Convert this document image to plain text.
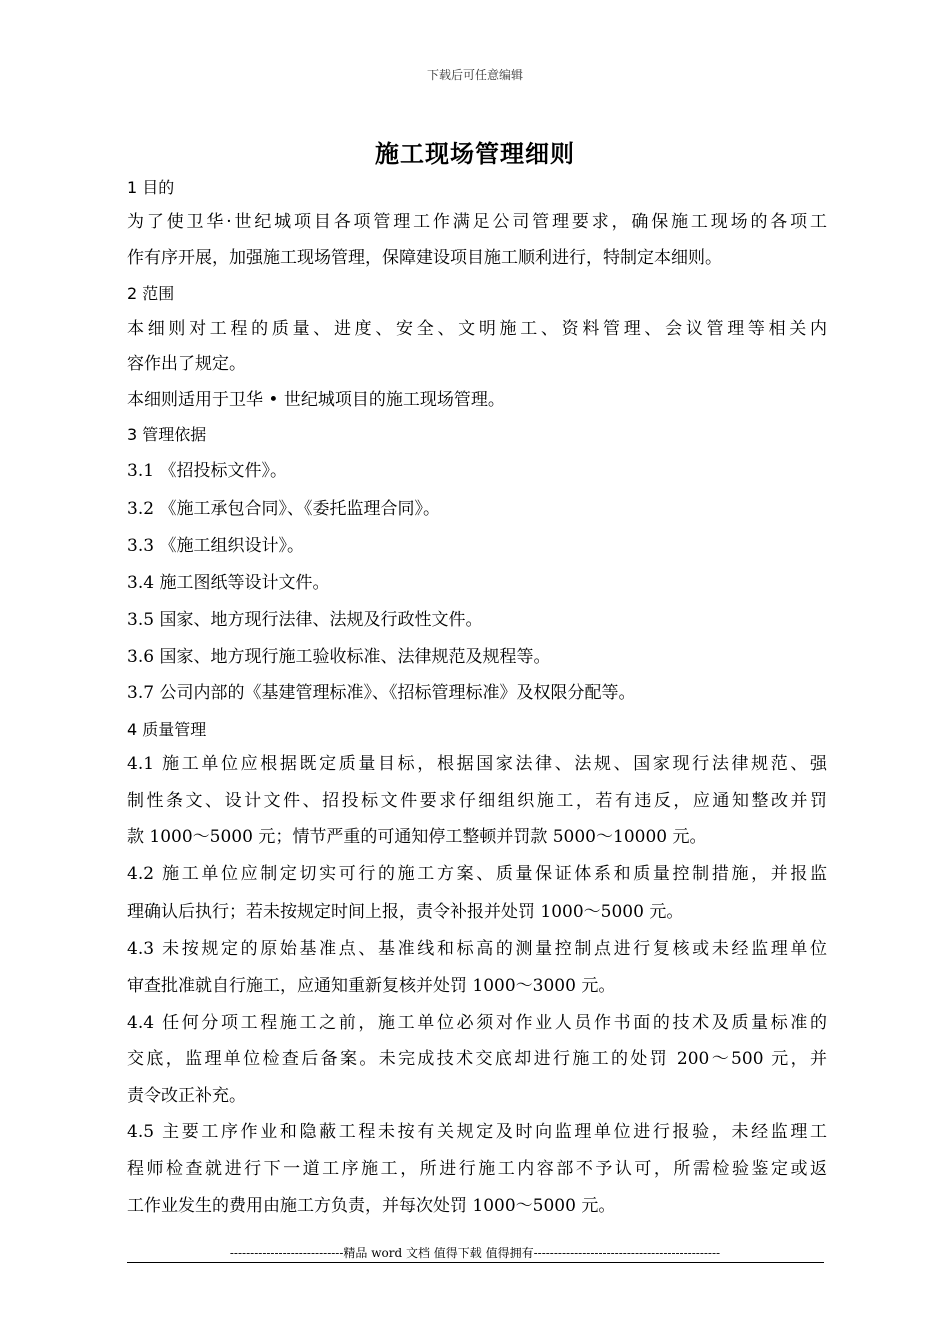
下载后可任意编辑
施工现场管理细则
1 目的
为了使卫华·世纪城项目各项管理工作满足公司管理要求，确保施工现场的各项工
作有序开展，加强施工现场管理，保障建设项目施工顺利进行，特制定本细则。
2 范围
本细则对工程的质量、进度、安全、文明施工、资料管理、会议管理等相关内
容作出了规定。
本细则适用于卫华 • 世纪城项目的施工现场管理。
3 管理依据
3.1 《招投标文件》。
3.2 《施工承包合同》、《委托监理合同》。
3.3 《施工组织设计》。
3.4 施工图纸等设计文件。
3.5 国家、地方现行法律、法规及行政性文件。
3.6 国家、地方现行施工验收标准、法律规范及规程等。
3.7 公司内部的《基建管理标准》、《招标管理标准》及权限分配等。
4 质量管理
4.1 施工单位应根据既定质量目标，根据国家法律、法规、国家现行法律规范、强
制性条文、设计文件、招投标文件要求仔细组织施工，若有违反，应通知整改并罚
款 1000～5000 元；情节严重的可通知停工整顿并罚款 5000～10000 元。
4.2 施工单位应制定切实可行的施工方案、质量保证体系和质量控制措施，并报监
理确认后执行；若未按规定时间上报，责令补报并处罚 1000～5000 元。
4.3 未按规定的原始基准点、基准线和标高的测量控制点进行复核或未经监理单位
审查批准就自行施工，应通知重新复核并处罚 1000～3000 元。
4.4 任何分项工程施工之前，施工单位必须对作业人员作书面的技术及质量标准的
交底，监理单位检查后备案。未完成技术交底却进行施工的处罚 200～500 元，并
责令改正补充。
4.5 主要工序作业和隐蔽工程未按有关规定及时向监理单位进行报验，未经监理工
程师检查就进行下一道工序施工，所进行施工内容部不予认可，所需检验鉴定或返
工作业发生的费用由施工方负责，并每次处罚 1000～5000 元。
----------------------------精品 word 文档 值得下载 值得拥有----------------------------------------------
